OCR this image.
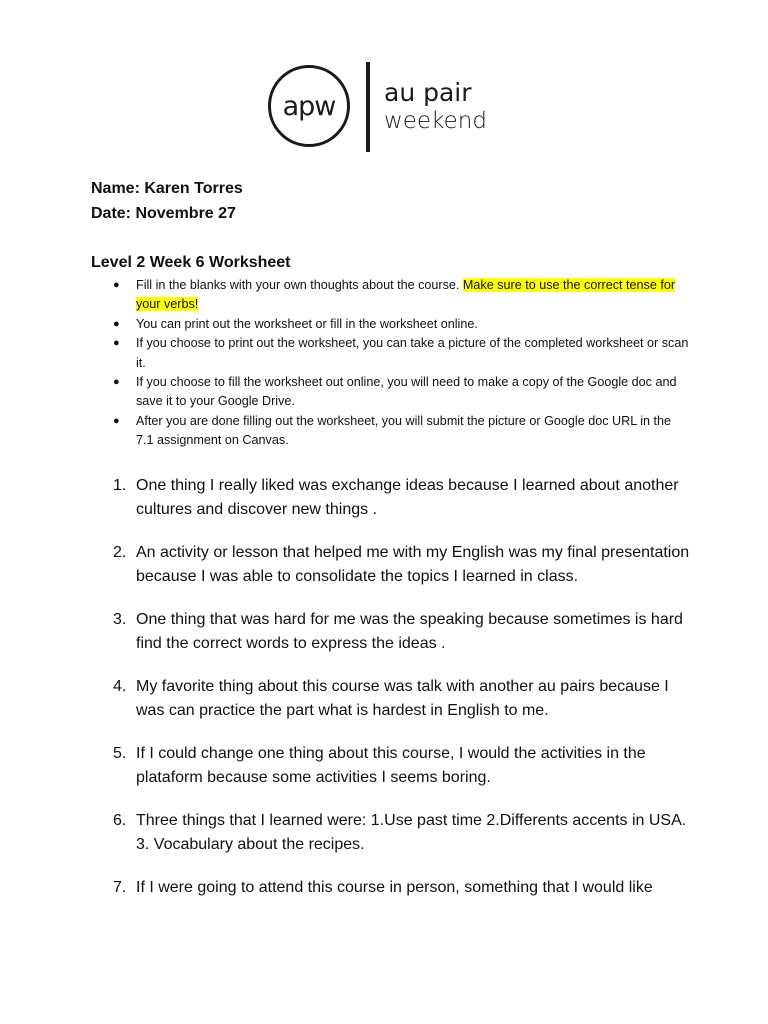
apw	au pair
weekend
Name: Karen Torres
Date: Novembre 27
Level 2 Week 6 Worksheet
● Fill in the blanks with your own thoughts about the course. Make sure to use the correct tense for your verbs!
● You can print out the worksheet or fill in the worksheet online.
● If you choose to print out the worksheet, you can take a picture of the completed worksheet or scan it.
● If you choose to fill the worksheet out online, you will need to make a copy of the Google doc and save it to your Google Drive.
● After you are done filling out the worksheet, you will submit the picture or Google doc URL in the 7.1 assignment on Canvas.
1. One thing I really liked was exchange ideas because I learned about another cultures and discover new things .
2. An activity or lesson that helped me with my English was my final presentation because I was able to consolidate the topics I learned in class.
3. One thing that was hard for me was the speaking because sometimes is hard find the correct words to express the ideas .
4. My favorite thing about this course was talk with another au pairs because I was can practice the part what is hardest in English to me.
5. If I could change one thing about this course, I would the activities in the plataform because some activities I seems boring.
6. Three things that I learned were: 1.Use past time 2.Differents accents in USA. 3. Vocabulary about the recipes.
7. If I were going to attend this course in person, something that I would like
